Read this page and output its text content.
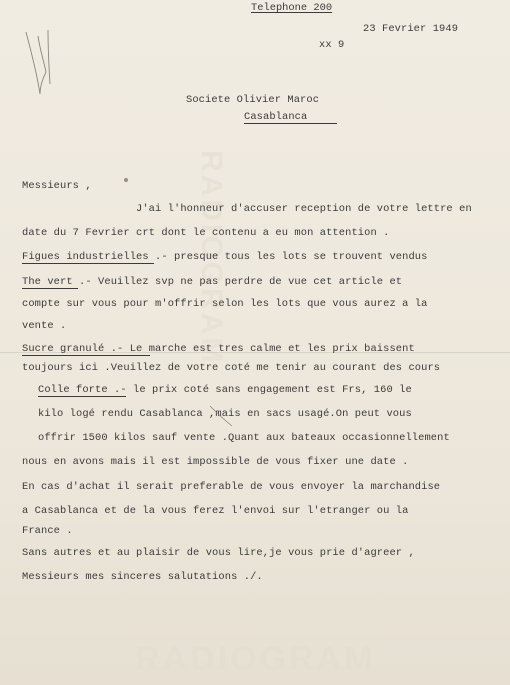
RADIOGRAM
RADIOGRAM
Telephone 200
23 Fevrier 1949
xx 9
Societe Olivier Maroc
Casablanca
Messieurs ,
J'ai l'honneur d'accuser reception de votre lettre en
date du 7 Fevrier crt dont le contenu a eu mon attention .
Figues industrielles .- presque tous les lots se trouvent vendus
The vert .- Veuillez svp ne pas perdre de vue cet article et
compte sur vous pour m'offrir selon les lots que vous aurez a la
vente .
Sucre granulé .- Le marche est tres calme et les prix baissent
toujours ici .Veuillez de votre coté me tenir au courant des cours
Colle forte .- le prix coté sans engagement est Frs, 160 le
kilo logé rendu Casablanca ,mais en sacs usagé.On peut vous
offrir 1500 kilos sauf vente .Quant aux bateaux occasionnellement
nous en avons mais il est impossible de vous fixer une date .
En cas d'achat il serait preferable de vous envoyer la marchandise
a Casablanca et de la vous ferez l'envoi sur l'etranger ou la
France .
Sans autres et au plaisir de vous lire,je vous prie d'agreer ,
Messieurs mes sinceres salutations ./.
